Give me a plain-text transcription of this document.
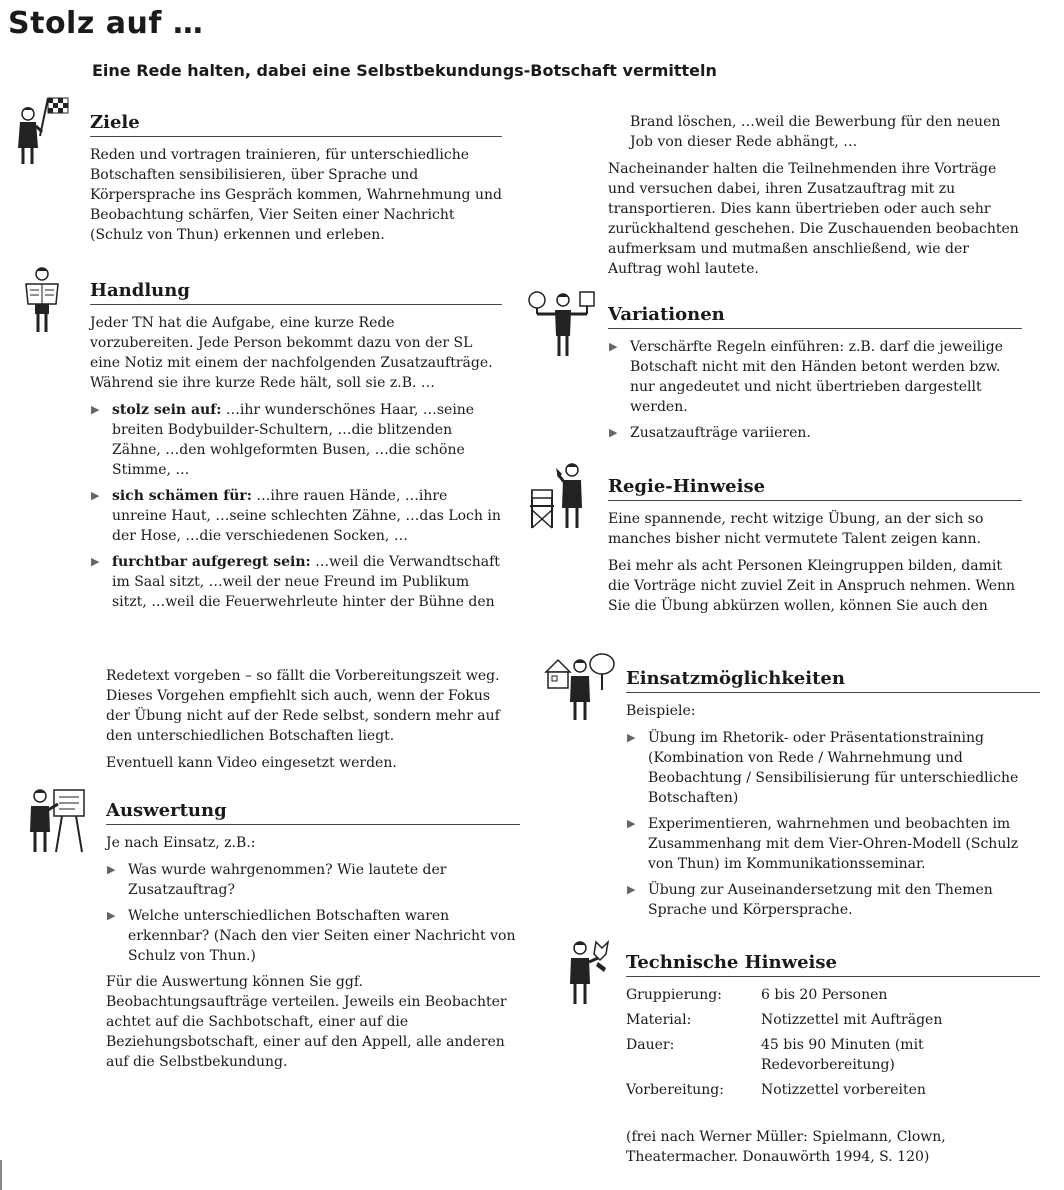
Stolz auf …
Eine Rede halten, dabei eine Selbstbekundungs-Botschaft vermitteln
Ziele

Reden und vortragen trainieren, für unterschiedliche Botschaften sensibilisieren, über Sprache und Körpersprache ins Gespräch kommen, Wahrnehmung und Beobachtung schärfen, Vier Seiten einer Nachricht (Schulz von Thun) erkennen und erleben.

Handlung

Jeder TN hat die Aufgabe, eine kurze Rede vorzubereiten. Jede Person bekommt dazu von der SL eine Notiz mit einem der nachfolgenden Zusatzaufträge. Während sie ihre kurze Rede hält, soll sie z.B. …

▶ stolz sein auf: …ihr wunderschönes Haar, …seine breiten Bodybuilder-Schultern, …die blitzenden Zähne, …den wohlgeformten Busen, …die schöne Stimme, …
▶ sich schämen für: …ihre rauen Hände, …ihre unreine Haut, …seine schlechten Zähne, …das Loch in der Hose, …die verschiedenen Socken, …
▶ furchtbar aufgeregt sein: …weil die Verwandtschaft im Saal sitzt, …weil der neue Freund im Publikum sitzt, …weil die Feuerwehrleute hinter der Bühne den

Brand löschen, …weil die Bewerbung für den neuen Job von dieser Rede abhängt, …

Nacheinander halten die Teilnehmenden ihre Vorträge und versuchen dabei, ihren Zusatzauftrag mit zu transportieren. Dies kann übertrieben oder auch sehr zurückhaltend geschehen. Die Zuschauenden beobachten aufmerksam und mutmaßen anschließend, wie der Auftrag wohl lautete.

Variationen
▶ Verschärfte Regeln einführen: z.B. darf die jeweilige Botschaft nicht mit den Händen betont werden bzw. nur angedeutet und nicht übertrieben dargestellt werden.
▶ Zusatzaufträge variieren.
Regie-Hinweise

Eine spannende, recht witzige Übung, an der sich so manches bisher nicht vermutete Talent zeigen kann.

Bei mehr als acht Personen Kleingruppen bilden, damit die Vorträge nicht zuviel Zeit in Anspruch nehmen. Wenn Sie die Übung abkürzen wollen, können Sie auch den

Redetext vorgeben – so fällt die Vorbereitungszeit weg. Dieses Vorgehen empfiehlt sich auch, wenn der Fokus der Übung nicht auf der Rede selbst, sondern mehr auf den unterschiedlichen Botschaften liegt.

Eventuell kann Video eingesetzt werden.

Auswertung

Je nach Einsatz, z.B.:

▶ Was wurde wahrgenommen? Wie lautete der Zusatzauftrag?
▶ Welche unterschiedlichen Botschaften waren erkennbar? (Nach den vier Seiten einer Nachricht von Schulz von Thun.)

Für die Auswertung können Sie ggf. Beobachtungsaufträge verteilen. Jeweils ein Beobachter achtet auf die Sachbotschaft, einer auf die Beziehungsbotschaft, einer auf den Appell, alle anderen auf die Selbstbekundung.

Einsatzmöglichkeiten

Beispiele:

▶ Übung im Rhetorik- oder Präsentationstraining (Kombination von Rede / Wahrnehmung und Beobachtung / Sensibilisierung für unterschiedliche Botschaften)
▶ Experimentieren, wahrnehmen und beobachten im Zusammenhang mit dem Vier-Ohren-Modell (Schulz von Thun) im Kommunikationsseminar.
▶ Übung zur Auseinandersetzung mit den Themen Sprache und Körpersprache.
Technische Hinweise
Gruppierung:	6 bis 20 Personen
Material:	Notizzettel mit Aufträgen
Dauer:	45 bis 90 Minuten (mit Redevorbereitung)
Vorbereitung:	Notizzettel vorbereiten

(frei nach Werner Müller: Spielmann, Clown, Theatermacher. Donauwörth 1994, S. 120)
